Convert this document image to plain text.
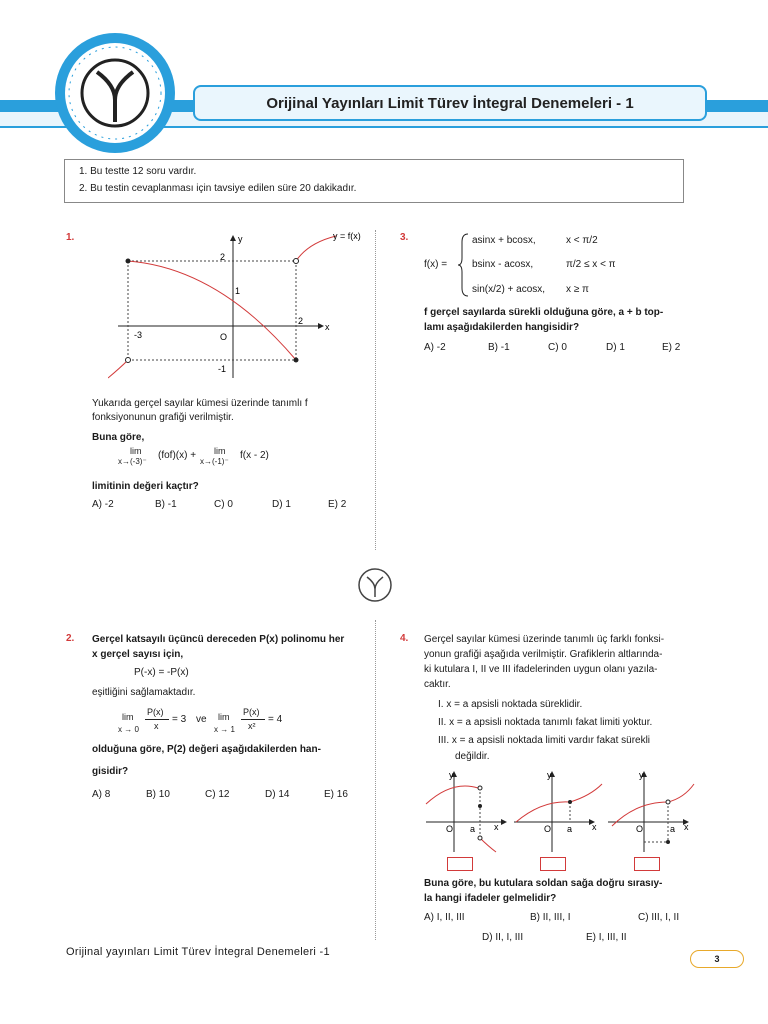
Orijinal Yayınları Limit Türev İntegral Denemeleri - 1
1. Bu testte 12 soru vardır.
2. Bu testin cevaplanması için tavsiye edilen süre 20 dakikadır.
1.	y = f(x)
y
x
2
1
-1
-3
2
O
Yukarıda gerçel sayılar kümesi üzerinde tanımlı f
fonksiyonunun grafiği verilmiştir.
Buna göre,
lim
x→(-3)⁻
(fof)(x) + lim
x→(-1)⁻
f(x - 2)
limitinin değeri kaçtır?
A) -2	B) -1	C) 0	D) 1	E) 2
3.
f(x) =
asinx + bcosx,	x < π/2
bsinx - acosx,	π/2 ≤ x < π
sin(x/2) + acosx, x ≥ π
f gerçel sayılarda sürekli olduğuna göre, a + b top-
lamı aşağıdakilerden hangisidir?
A) -2	B) -1	C) 0	D) 1	E) 2
2. Gerçel katsayılı üçüncü dereceden P(x) polinomu her
x gerçel sayısı için,
P(-x) = -P(x)
eşitliğini sağlamaktadır.
lim
x → 0
P(x)
x
= 3 ve lim
x → 1
P(x)
x²
= 4
olduğuna göre, P(2) değeri aşağıdakilerden han-
gisidir?
A) 8	B) 10	C) 12	D) 14	E) 16
4. Gerçel sayılar kümesi üzerinde tanımlı üç farklı fonksi-
yonun grafiği aşağıda verilmiştir. Grafiklerin altlarında-
ki kutulara I, II ve III ifadelerinden uygun olanı yazıla-
caktır.
I. x = a apsisli noktada süreklidir.
II. x = a apsisli noktada tanımlı fakat limiti yoktur.
III. x = a apsisli noktada limiti vardır fakat sürekli
değildir.
y
x
O a
y
x
O a
y
x
O	a
Buna göre, bu kutulara soldan sağa doğru sırasıy-
la hangi ifadeler gelmelidir?
A) I, II, III	B) II, III, I	C) III, I, II
D) II, I, III	E) I, III, II
Orijinal yayınları Limit Türev İntegral Denemeleri -1
3
